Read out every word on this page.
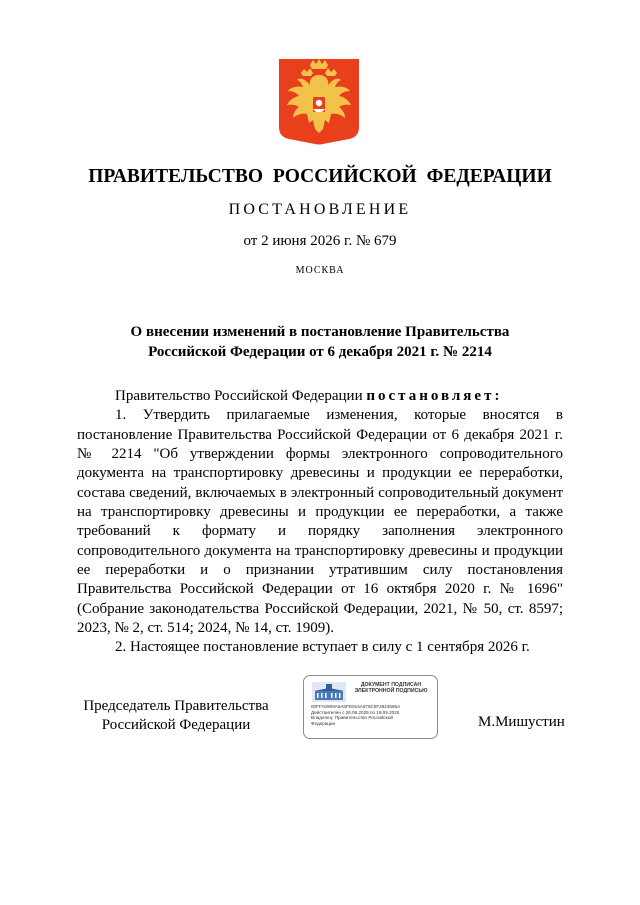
ПРАВИТЕЛЬСТВО РОССИЙСКОЙ ФЕДЕРАЦИИ
ПОСТАНОВЛЕНИЕ
от 2 июня 2026 г. № 679
МОСКВА
О внесении изменений в постановление Правительства
Российской Федерации от 6 декабря 2021 г. № 2214

Правительство Российской Федерации постановляет:

1. Утвердить прилагаемые изменения, которые вносятся в постановление Правительства Российской Федерации от 6 декабря 2021 г. № 2214 "Об утверждении формы электронного сопроводительного документа на транспортировку древесины и продукции ее переработки, состава сведений, включаемых в электронный сопроводительный документ на транспортировку древесины и продукции ее переработки, а также требований к формату и порядку заполнения электронного сопроводительного документа на транспортировку древесины и продукции ее переработки и о признании утратившим силу постановления Правительства Российской Федерации от 16 октября 2020 г. № 1696" (Собрание законодательства Российской Федерации, 2021, № 50, ст. 8597; 2023, № 2, ст. 514; 2024, № 14, ст. 1909).

2. Настоящее постановление вступает в силу с 1 сентября 2026 г.

Председатель Правительства
Российской Федерации
ДОКУМЕНТ ПОДПИСАН
ЭЛЕКТРОННОЙ ПОДПИСЬЮ
00FFA0909A5A6FD915A576C5F3823665A
Действителен с 26.06.2025 по 19.09.2026
Владелец: Правительство Российской
Федерации	М.Мишустин
